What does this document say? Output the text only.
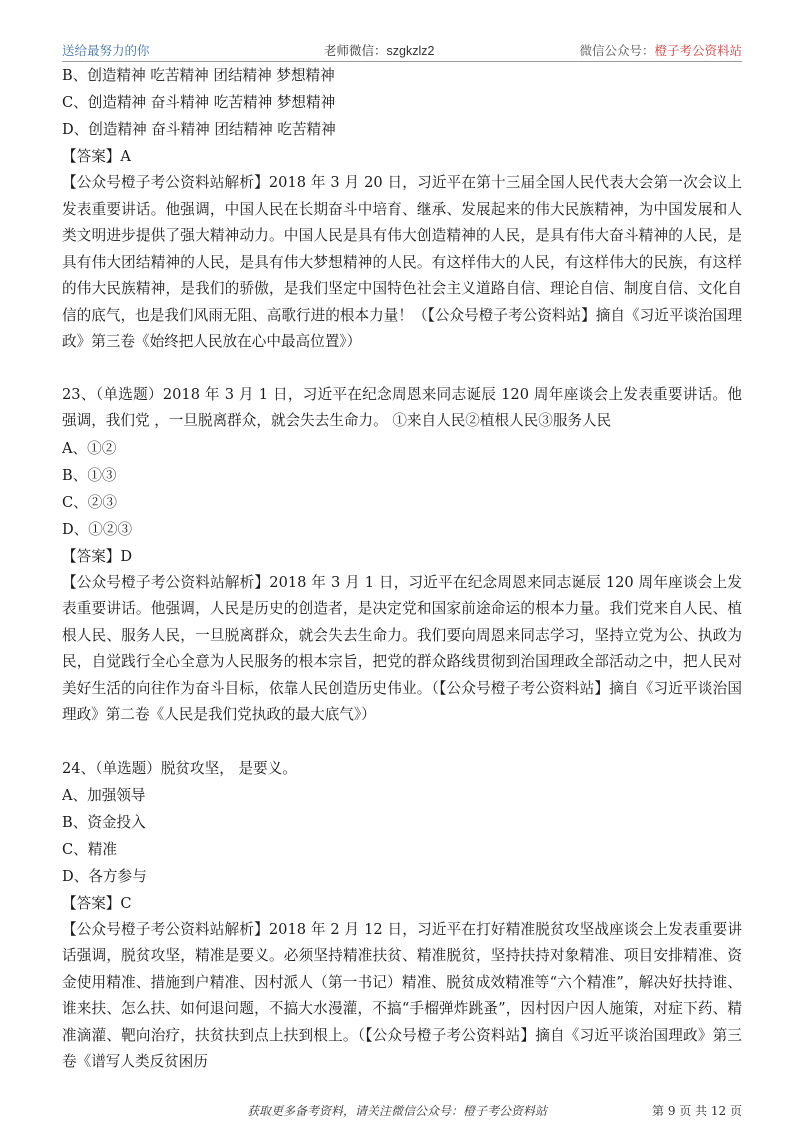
送给最努力的你	老师微信：szgkzlz2	微信公众号：橙子考公资料站
B、创造精神 吃苦精神 团结精神 梦想精神
C、创造精神 奋斗精神 吃苦精神 梦想精神
D、创造精神 奋斗精神 团结精神 吃苦精神
【答案】A
【公众号橙子考公资料站解析】2018 年 3 月 20 日，习近平在第十三届全国人民代表大会第一次会议上发表重要讲话。他强调，中国人民在长期奋斗中培育、继承、发展起来的伟大民族精神，为中国发展和人类文明进步提供了强大精神动力。中国人民是具有伟大创造精神的人民，是具有伟大奋斗精神的人民，是具有伟大团结精神的人民，是具有伟大梦想精神的人民。有这样伟大的人民，有这样伟大的民族，有这样的伟大民族精神，是我们的骄傲，是我们坚定中国特色社会主义道路自信、理论自信、制度自信、文化自信的底气，也是我们风雨无阻、高歌行进的根本力量！（【公众号橙子考公资料站】摘自《习近平谈治国理政》第三卷《始终把人民放在心中最高位置》）
23、（单选题）2018 年 3 月 1 日，习近平在纪念周恩来同志诞辰 120 周年座谈会上发表重要讲话。他强调，我们党 ，一旦脱离群众，就会失去生命力。 ①来自人民②植根人民③服务人民
A、①②
B、①③
C、②③
D、①②③
【答案】D
【公众号橙子考公资料站解析】2018 年 3 月 1 日，习近平在纪念周恩来同志诞辰 120 周年座谈会上发表重要讲话。他强调，人民是历史的创造者，是决定党和国家前途命运的根本力量。我们党来自人民、植根人民、服务人民，一旦脱离群众，就会失去生命力。我们要向周恩来同志学习，坚持立党为公、执政为民，自觉践行全心全意为人民服务的根本宗旨，把党的群众路线贯彻到治国理政全部活动之中，把人民对美好生活的向往作为奋斗目标，依靠人民创造历史伟业。（【公众号橙子考公资料站】摘自《习近平谈治国理政》第二卷《人民是我们党执政的最大底气》）
24、（单选题）脱贫攻坚， 是要义。
A、加强领导
B、资金投入
C、精准
D、各方参与
【答案】C
【公众号橙子考公资料站解析】2018 年 2 月 12 日，习近平在打好精准脱贫攻坚战座谈会上发表重要讲话强调，脱贫攻坚，精准是要义。必须坚持精准扶贫、精准脱贫，坚持扶持对象精准、项目安排精准、资金使用精准、措施到户精准、因村派人（第一书记）精准、脱贫成效精准等“六个精准”，解决好扶持谁、谁来扶、怎么扶、如何退问题，不搞大水漫灌，不搞“手榴弹炸跳蚤”，因村因户因人施策，对症下药、精准滴灌、靶向治疗，扶贫扶到点上扶到根上。（【公众号橙子考公资料站】摘自《习近平谈治国理政》第三卷《谱写人类反贫困历
获取更多备考资料，请关注微信公众号：橙子考公资料站	第 9 页 共 12 页
